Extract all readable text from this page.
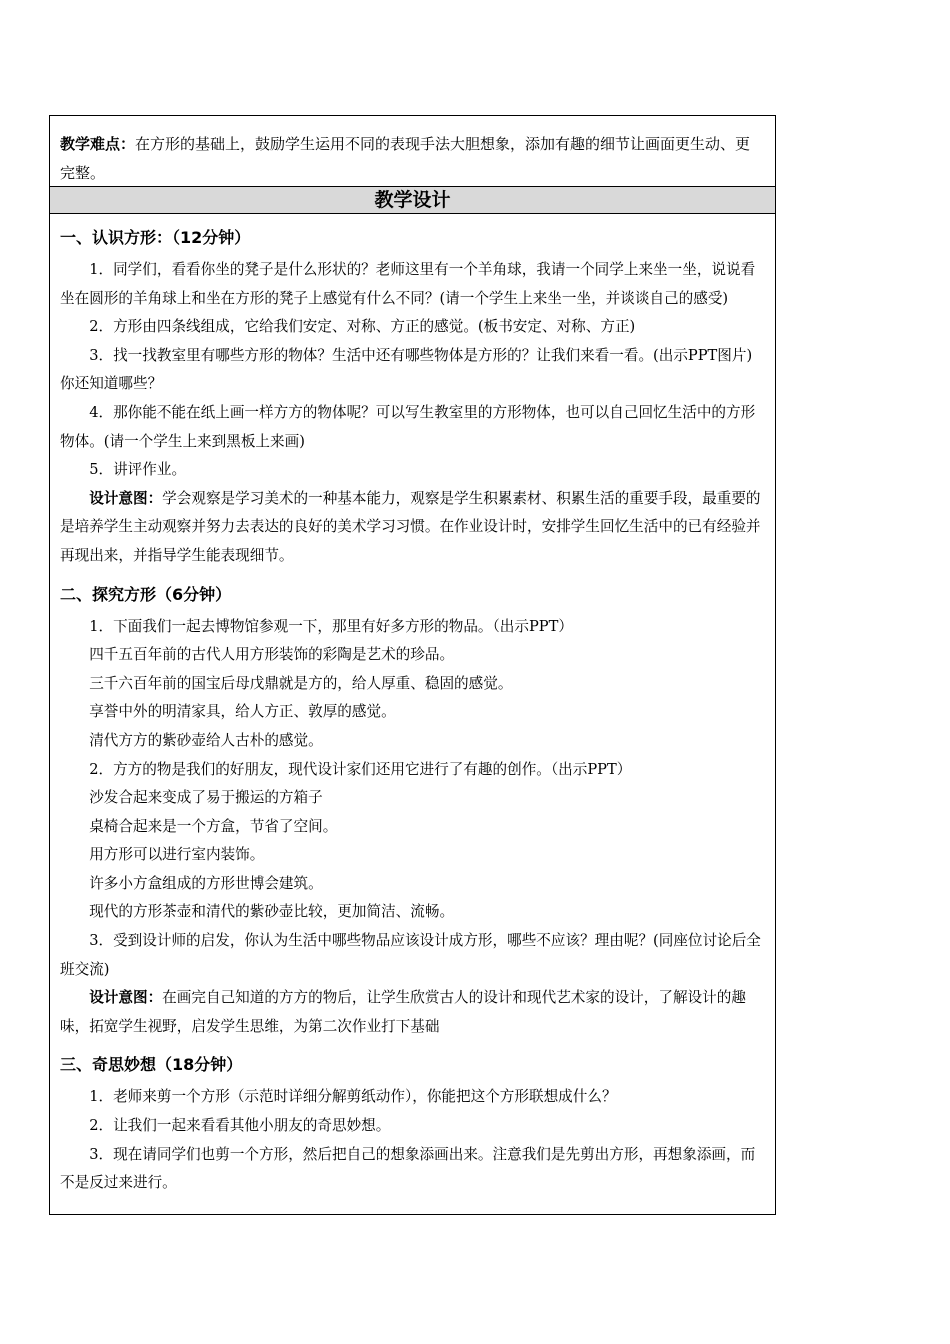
教学难点：在方形的基础上，鼓励学生运用不同的表现手法大胆想象，添加有趣的细节让画面更生动、更完整。
教学设计
一、认识方形：（12分钟）

1．同学们，看看你坐的凳子是什么形状的？老师这里有一个羊角球，我请一个同学上来坐一坐，说说看坐在圆形的羊角球上和坐在方形的凳子上感觉有什么不同？(请一个学生上来坐一坐，并谈谈自己的感受)

2．方形由四条线组成，它给我们安定、对称、方正的感觉。(板书安定、对称、方正)

3．找一找教室里有哪些方形的物体？生活中还有哪些物体是方形的？让我们来看一看。(出示PPT图片)你还知道哪些？

4．那你能不能在纸上画一样方方的物体呢？可以写生教室里的方形物体，也可以自己回忆生活中的方形物体。(请一个学生上来到黑板上来画)

5．讲评作业。

设计意图：学会观察是学习美术的一种基本能力，观察是学生积累素材、积累生活的重要手段，最重要的是培养学生主动观察并努力去表达的良好的美术学习习惯。在作业设计时，安排学生回忆生活中的已有经验并再现出来，并指导学生能表现细节。

二、探究方形（6分钟）

1．下面我们一起去博物馆参观一下，那里有好多方形的物品。（出示PPT）

四千五百年前的古代人用方形装饰的彩陶是艺术的珍品。

三千六百年前的国宝后母戊鼎就是方的，给人厚重、稳固的感觉。

享誉中外的明清家具，给人方正、敦厚的感觉。

清代方方的紫砂壶给人古朴的感觉。

2．方方的物是我们的好朋友，现代设计家们还用它进行了有趣的创作。（出示PPT）

沙发合起来变成了易于搬运的方箱子

桌椅合起来是一个方盒，节省了空间。

用方形可以进行室内装饰。

许多小方盒组成的方形世博会建筑。

现代的方形茶壶和清代的紫砂壶比较，更加简洁、流畅。

3．受到设计师的启发，你认为生活中哪些物品应该设计成方形，哪些不应该？理由呢？(同座位讨论后全班交流)

设计意图：在画完自己知道的方方的物后，让学生欣赏古人的设计和现代艺术家的设计，了解设计的趣味，拓宽学生视野，启发学生思维，为第二次作业打下基础

三、奇思妙想（18分钟）

1．老师来剪一个方形（示范时详细分解剪纸动作），你能把这个方形联想成什么？

2．让我们一起来看看其他小朋友的奇思妙想。

3．现在请同学们也剪一个方形，然后把自己的想象添画出来。注意我们是先剪出方形，再想象添画，而不是反过来进行。
